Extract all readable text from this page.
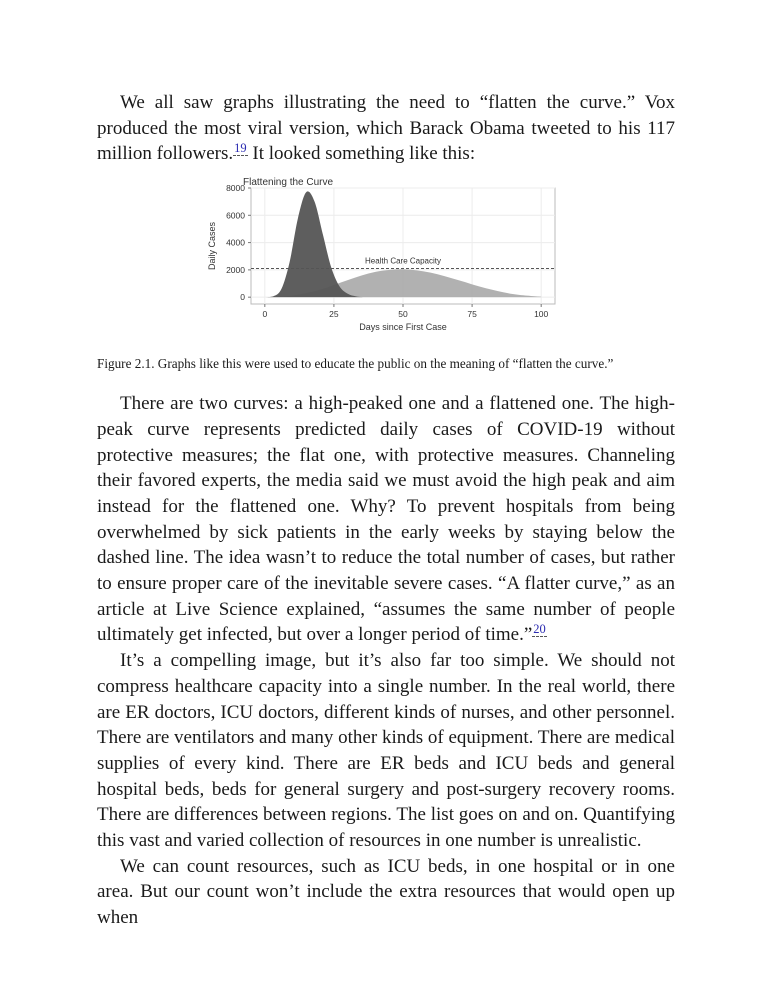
We all saw graphs illustrating the need to “flatten the curve.” Vox produced the most viral version, which Barack Obama tweeted to his 117 million followers.$^{19}$ It looked something like this:

Health Care Capacity
0
2000
4000
6000
8000
0	25	50	75	100
Flattening the Curve
Days since First Case
Daily Cases

Figure 2.1. Graphs like this were used to educate the public on the meaning of “flatten the curve.”

There are two curves: a high-peaked one and a flattened one. The high-peak curve represents predicted daily cases of COVID-19 without protective measures; the flat one, with protective measures. Channeling their favored experts, the media said we must avoid the high peak and aim instead for the flattened one. Why? To prevent hospitals from being overwhelmed by sick patients in the early weeks by staying below the dashed line. The idea wasn’t to reduce the total number of cases, but rather to ensure proper care of the inevitable severe cases. “A flatter curve,” as an article at Live Science explained, “assumes the same number of people ultimately get infected, but over a longer period of time.”$^{20}$

It’s a compelling image, but it’s also far too simple. We should not compress healthcare capacity into a single number. In the real world, there are ER doctors, ICU doctors, different kinds of nurses, and other personnel. There are ventilators and many other kinds of equipment. There are medical supplies of every kind. There are ER beds and ICU beds and general hospital beds, beds for general surgery and post-surgery recovery rooms. There are differences between regions. The list goes on and on. Quantifying this vast and varied collection of resources in one number is unrealistic.

We can count resources, such as ICU beds, in one hospital or in one area. But our count won’t include the extra resources that would open up when
